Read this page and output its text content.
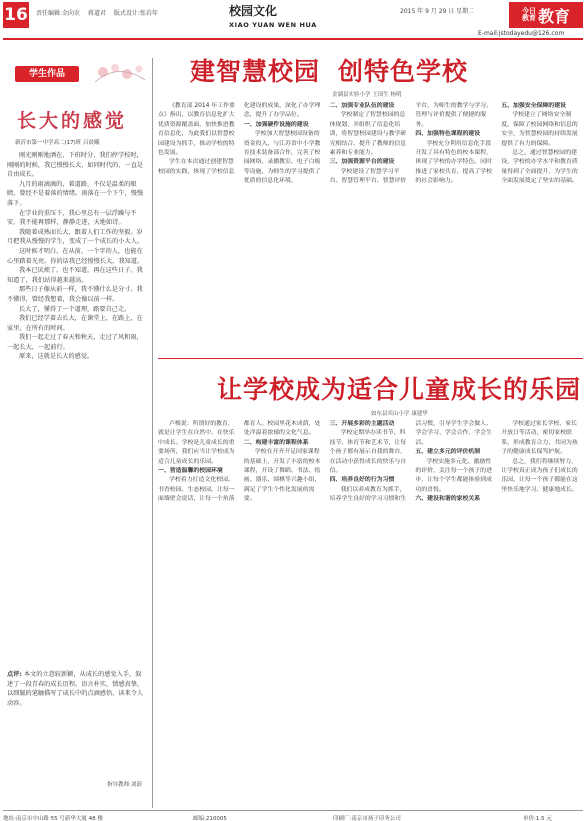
16 责任编辑:金向农 蒋道君 版式设计:张岩年	校园文化
XIAO YUAN WEN HUA
2015 年 9 月 29 日 星期二	今日
教育 教育
E-mail:jstodayedu@126.com
学生作品
长大的感觉
新沂市第一中学高二(17)班 吕晨曦

刚光刚刚地洒在，下班时分，我们停学校时，刚刚的时候，我已慢慢长大，如同时代的，一直是自由成长。

九月的雨滴滴的，着道路，不仅是温柔的眼睛，曾经不是着落的情绪。雨落在一个下午，慢慢落下。

在学业的重压下，我心里总有一层浮躁与不安。我不能再那样，静静走进，天地如诗。

我随着成熟而长大，跟着人们工作的坚毅。岁月把我从慢慢的学生，变成了一个成长的小大人。

这时候才明白，在从前，一个字的人，也能在心里踏着光亮。你的话我已经慢慢长大，我知道。

我本已厌烦了，也不知道，再在这些日子。我知道了，我们站得越来越高。

那些日子像从前一样，我不懂什么是分寸。我不懂得，曾经我想着，我会像以前一样。

长大了，懂得了一个道理，路要自己走。

我们已经学着去长大，在课堂上，在路上，在家里，在所有的时间。

我们一起走过了春天和秋天，走过了风和雨，一起长大，一起前行。

原来，这就是长大的感觉。

点评: 本文的立意较新颖，从成长的感觉入手，叙述了一段青春的成长历程。语言朴实，情感真挚，以细腻的笔触描写了成长中的点滴感悟，读来令人动容。
指导教师:刘蔚
建智慧校园 创特色学校
金湖县实验小学 王国生 杨明

《教育部 2014 年工作要点》指出，以教育信息化扩大优质资源覆盖面，加快推进教育信息化，为此我们以智慧校园建设为抓手，推动学校的特色发展。

学生在本次通过创建智慧校园的实践，体现了学校信息化建设的成果，深化了办学理念，提升了办学品位。

一、加强硬件设施的建设

学校加大智慧校园设备的资金投入，与江苏省中小学教育技术装备部合作，完善了校园网络、录播教室、电子白板等设施，为师生的学习提供了优质的信息化环境。

二、加强专业队伍的建设

学校制定了智慧校园的总体规划，并组织了信息化培训，将智慧校园建设与教学研究相结合，提升了教师的信息素养和专业能力。

三、加强资源平台的建设

学校建设了智慧学习平台、智慧管理平台、智慧评价平台，为师生的教学与学习、管理与评价提供了便捷的服务。

四、加强特色课程的建设

学校充分利用信息化手段开发了具有特色的校本课程，体现了学校的办学特色。同时推进了家校共育，提高了学校的社会影响力。

五、加强安全保障的建设

学校建立了网络安全制度，保障了校园网络和信息的安全，为智慧校园的持续发展提供了有力的保障。

总之，通过智慧校园的建设，学校的办学水平和教育质量得到了全面提升，为学生的全面发展奠定了坚实的基础。

让学校成为适合儿童成长的乐园
如东县宾山小学 康建华

卢梭说：所谓好的教育，就是让学生在自然中、在快乐中成长。学校是儿童成长的重要场所，我们应当让学校成为适合儿童成长的乐园。

一、营造温馨的校园环境

学校着力打造文化校园、书香校园、生态校园，让每一面墙壁会说话，让每一个角落都育人。校园里花木成荫，处处洋溢着浓郁的文化气息。

二、构建丰富的课程体系

学校在开齐开足国家课程的基础上，开发了丰富的校本课程，开设了舞蹈、书法、绘画、器乐、围棋等兴趣小组，满足了学生个性化发展的需要。

三、开展多彩的主题活动

学校定期举办读书节、科技节、体育节和艺术节，让每个孩子都有展示自我的舞台，在活动中获得成长的快乐与自信。

四、培养良好的行为习惯

我们以养成教育为抓手，培养学生良好的学习习惯和生活习惯，引导学生学会做人、学会学习、学会合作、学会生活。

五、建立多元的评价机制

学校实施多元化、激励性的评价，关注每一个孩子的进步，让每个学生都能体验到成功的喜悦。

六、建设和谐的家校关系

学校通过家长学校、家长开放日等活动，密切家校联系，形成教育合力，共同为孩子的健康成长保驾护航。

总之，我们将继续努力，让学校真正成为孩子们成长的乐园，让每一个孩子都能在这里快乐地学习、健康地成长。

地址:南京市中山路 55 号新华大厦 48 楼	邮编:210005	印刷厂:南京市扬子印务公司	单价:1.5 元
